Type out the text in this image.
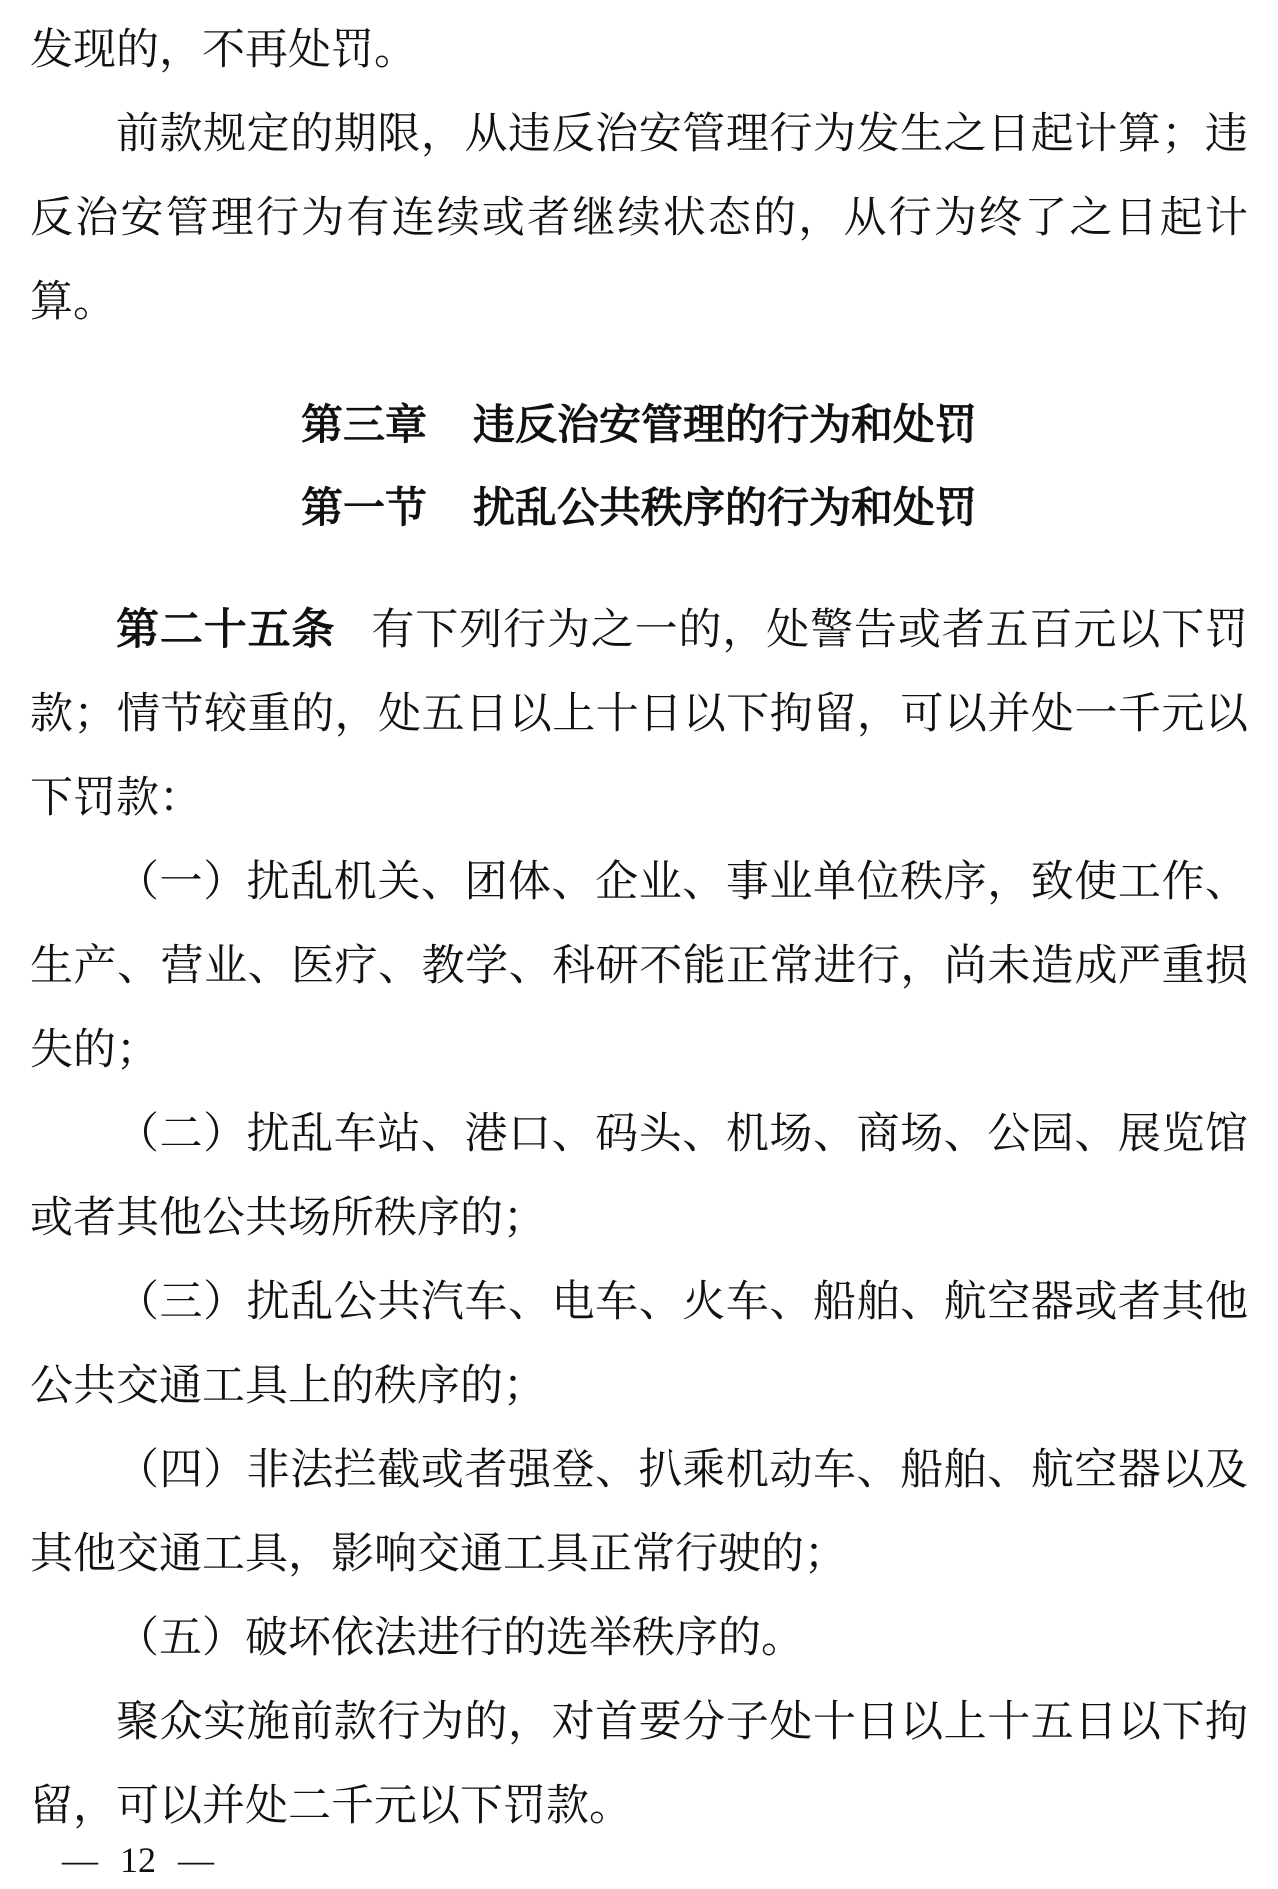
发现的，不再处罚。
前款规定的期限，从违反治安管理行为发生之日起计算；违
反治安管理行为有连续或者继续状态的，从行为终了之日起计
算。
第三章 违反治安管理的行为和处罚
第一节 扰乱公共秩序的行为和处罚
第二十五条 有下列行为之一的，处警告或者五百元以下罚
款；情节较重的，处五日以上十日以下拘留，可以并处一千元以
下罚款：
（一）扰乱机关、团体、企业、事业单位秩序，致使工作、
生产、营业、医疗、教学、科研不能正常进行，尚未造成严重损
失的；
（二）扰乱车站、港口、码头、机场、商场、公园、展览馆
或者其他公共场所秩序的；
（三）扰乱公共汽车、电车、火车、船舶、航空器或者其他
公共交通工具上的秩序的；
（四）非法拦截或者强登、扒乘机动车、船舶、航空器以及
其他交通工具，影响交通工具正常行驶的；
（五）破坏依法进行的选举秩序的。
聚众实施前款行为的，对首要分子处十日以上十五日以下拘
留，可以并处二千元以下罚款。
— 12 —
